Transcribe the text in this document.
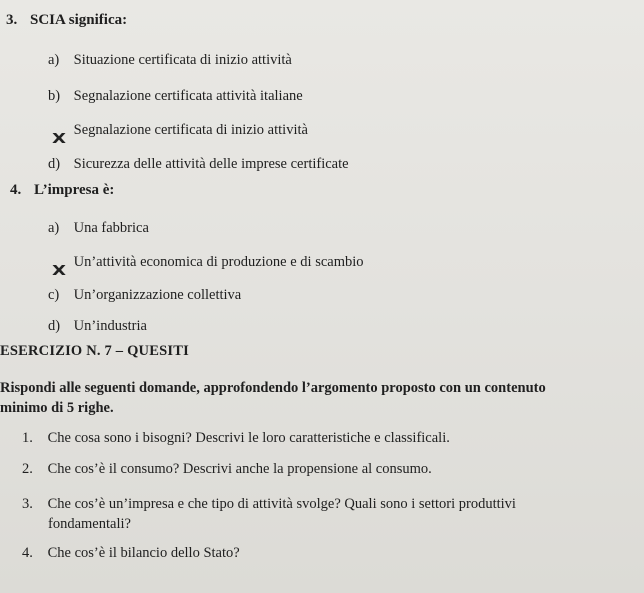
3. SCIA significa:
a) Situazione certificata di inizio attività
b) Segnalazione certificata attività italiane
Segnalazione certificata di inizio attività
d) Sicurezza delle attività delle imprese certificate
4. L’impresa è:
a) Una fabbrica
Un’attività economica di produzione e di scambio
c) Un’organizzazione collettiva
d) Un’industria
ESERCIZIO N. 7 – QUESITI
Rispondi alle seguenti domande, approfondendo l’argomento proposto con un contenuto
minimo di 5 righe.
1. Che cosa sono i bisogni? Descrivi le loro caratteristiche e classificali.
2. Che cos’è il consumo? Descrivi anche la propensione al consumo.
3. Che cos’è un’impresa e che tipo di attività svolge? Quali sono i settori produttivi
fondamentali?
4. Che cos’è il bilancio dello Stato?
